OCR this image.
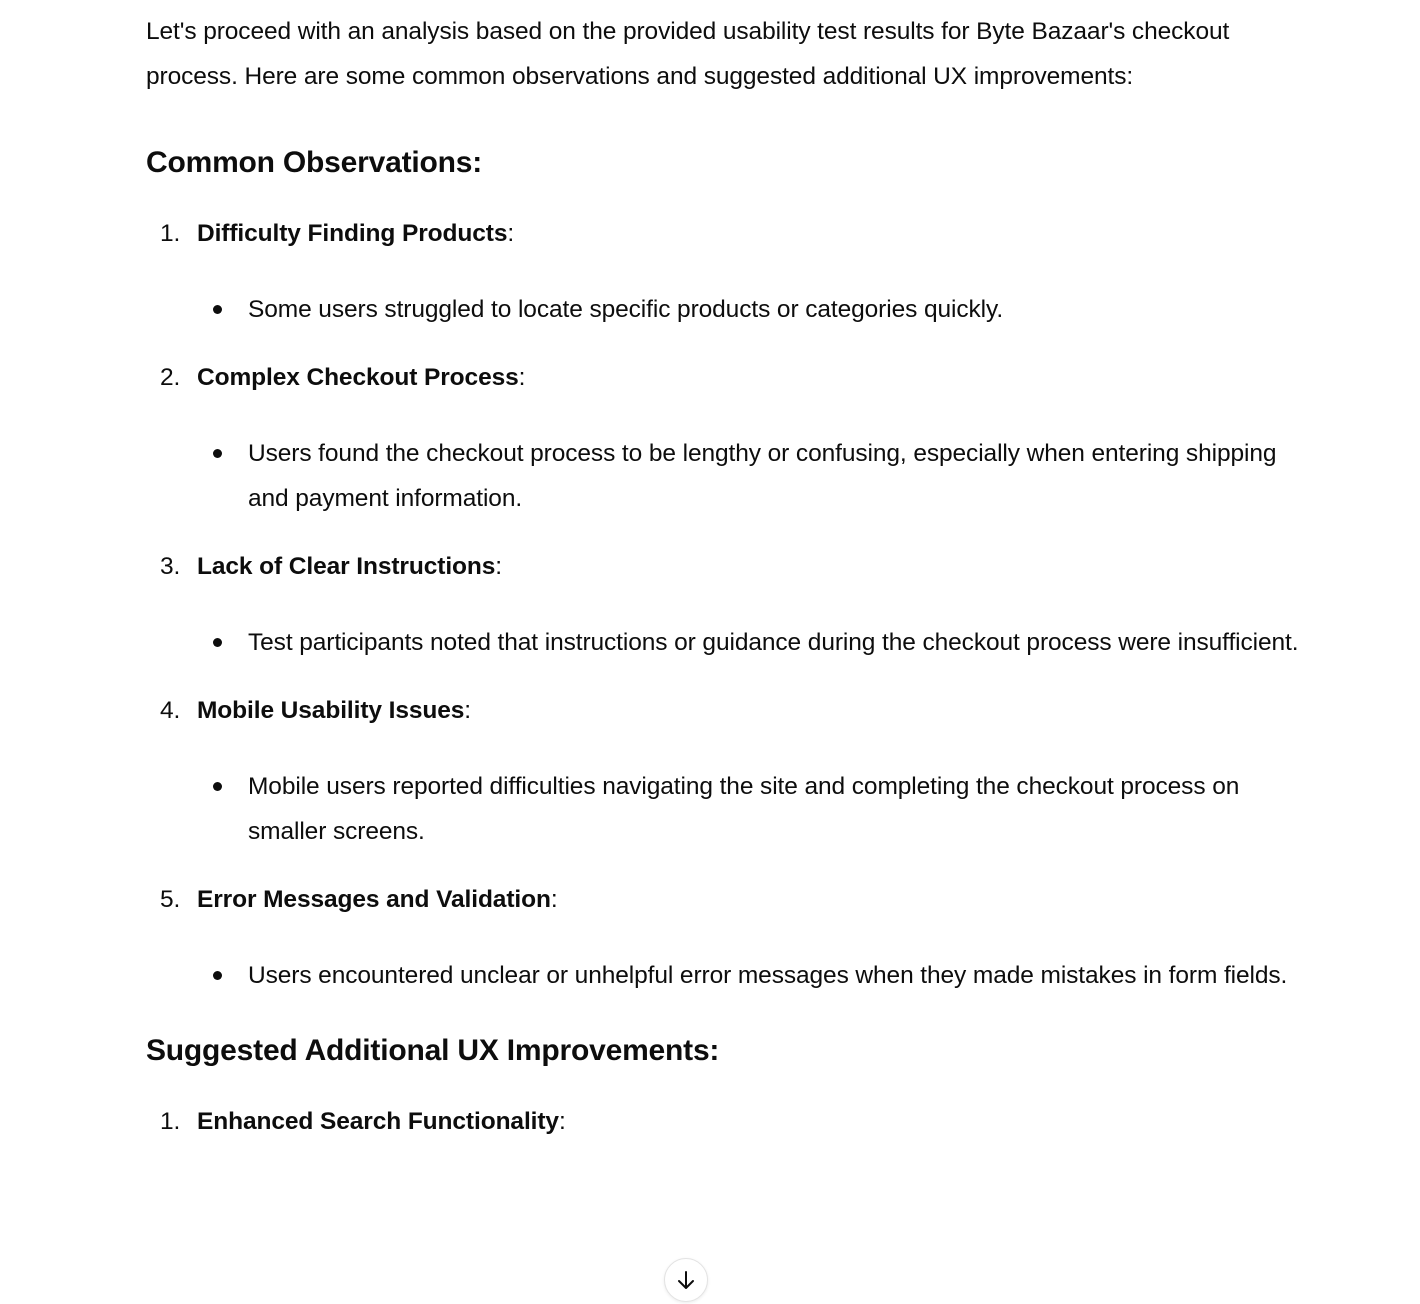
Let's proceed with an analysis based on the provided usability test results for Byte Bazaar's checkout process. Here are some common observations and suggested additional UX improvements:

Common Observations:
1. Difficulty Finding Products:
Some users struggled to locate specific products or categories quickly.
2. Complex Checkout Process:
Users found the checkout process to be lengthy or confusing, especially when entering shipping and payment information.
3. Lack of Clear Instructions:
Test participants noted that instructions or guidance during the checkout process were insufficient.
4. Mobile Usability Issues:
Mobile users reported difficulties navigating the site and completing the checkout process on smaller screens.
5. Error Messages and Validation:
Users encountered unclear or unhelpful error messages when they made mistakes in form fields.
Suggested Additional UX Improvements:
1. Enhanced Search Functionality:
